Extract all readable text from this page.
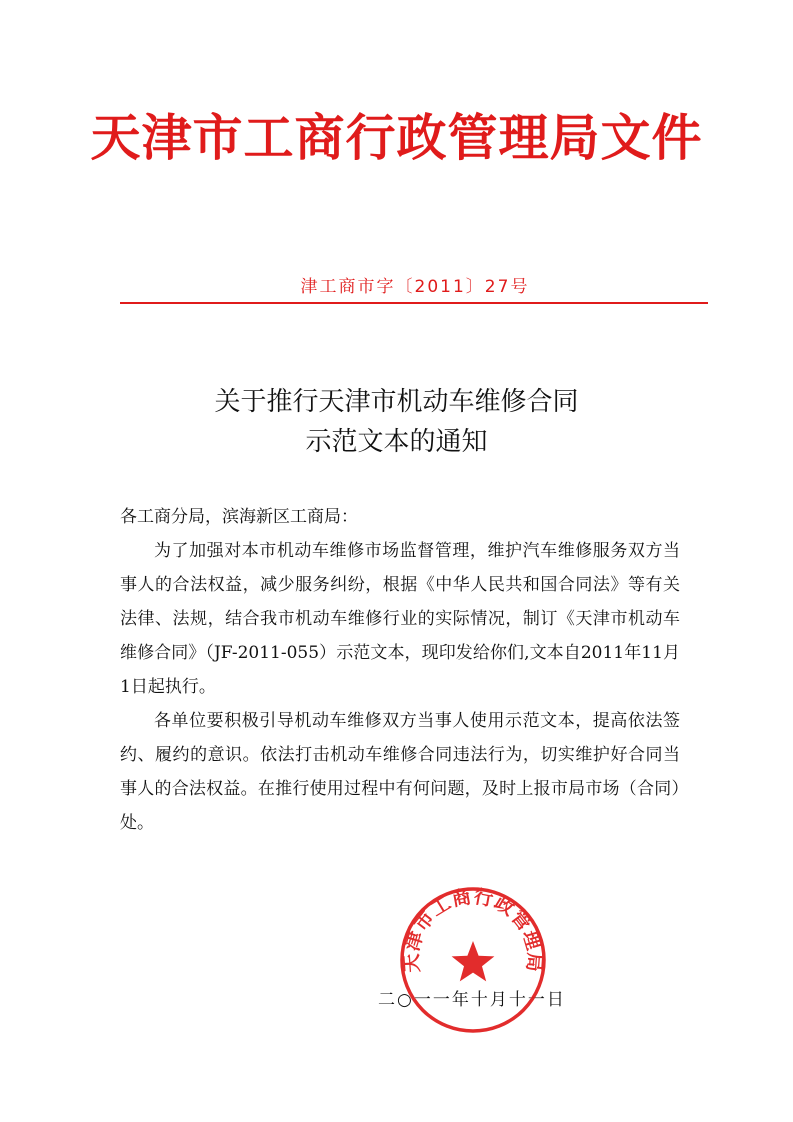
天津市工商行政管理局文件
津工商市字〔2011〕27号
关于推行天津市机动车维修合同
示范文本的通知

各工商分局，滨海新区工商局：

为了加强对本市机动车维修市场监督管理，维护汽车维修服务双方当事人的合法权益，减少服务纠纷，根据《中华人民共和国合同法》等有关法律、法规，结合我市机动车维修行业的实际情况，制订《天津市机动车维修合同》（JF-2011-055）示范文本，现印发给你们,文本自2011年11月1日起执行。

各单位要积极引导机动车维修双方当事人使用示范文本，提高依法签约、履约的意识。依法打击机动车维修合同违法行为，切实维护好合同当事人的合法权益。在推行使用过程中有何问题，及时上报市局市场（合同）处。

二○一一年十月十一日
天津市工商行政管理局
